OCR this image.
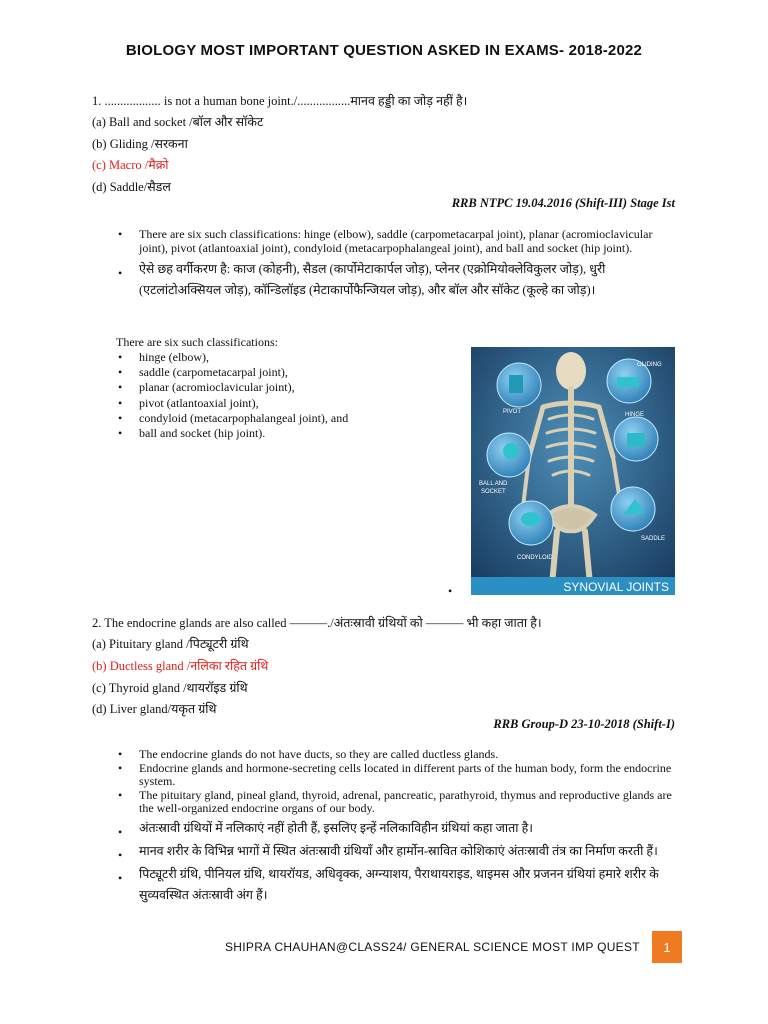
BIOLOGY MOST IMPORTANT QUESTION ASKED IN EXAMS- 2018-2022
1. .................. is not a human bone joint./.................मानव हड्डी का जोड़ नहीं है।
(a) Ball and socket /बॉल और सॉकेट
(b) Gliding /सरकना
(c) Macro /मैक्रो
(d) Saddle/सैडल
RRB NTPC 19.04.2016 (Shift-III) Stage Ist
• There are six such classifications: hinge (elbow), saddle (carpometacarpal joint), planar (acromioclavicular joint), pivot (atlantoaxial joint), condyloid (metacarpophalangeal joint), and ball and socket (hip joint).
• ऐसे छह वर्गीकरण है: काज (कोहनी), सैडल (कार्पोमेटाकार्पल जोड़), प्लेनर (एक्रोमियोक्लेविकुलर जोड़), धुरी (एटलांटोअक्सियल जोड़), कॉन्डिलॉइड (मेटाकार्पोफैन्जियल जोड़), और बॉल और सॉकेट (कूल्हे का जोड़)।
There are six such classifications:
• hinge (elbow),
• saddle (carpometacarpal joint),
• planar (acromioclavicular joint),
• pivot (atlantoaxial joint),
• condyloid (metacarpophalangeal joint), and
• ball and socket (hip joint).
GLIDING
PIVOT	HINGE
BALL AND
SOCKET
SADDLE
CONDYLOID
SYNOVIAL JOINTS
•
2. The endocrine glands are also called ———./अंतःस्रावी ग्रंथियों को ——— भी कहा जाता है।
(a) Pituitary gland /पिट्यूटरी ग्रंथि
(b) Ductless gland /नलिका रहित ग्रंथि
(c) Thyroid gland /थायरॉइड ग्रंथि
(d) Liver gland/यकृत ग्रंथि
RRB Group-D 23-10-2018 (Shift-I)
• The endocrine glands do not have ducts, so they are called ductless glands.
• Endocrine glands and hormone-secreting cells located in different parts of the human body, form the endocrine system.
• The pituitary gland, pineal gland, thyroid, adrenal, pancreatic, parathyroid, thymus and reproductive glands are the well-organized endocrine organs of our body.
• अंतःस्रावी ग्रंथियों में नलिकाएं नहीं होती हैं, इसलिए इन्हें नलिकाविहीन ग्रंथियां कहा जाता है।
• मानव शरीर के विभिन्न भागों में स्थित अंतःस्रावी ग्रंथियाँ और हार्मोन-स्रावित कोशिकाएं अंतःस्रावी तंत्र का निर्माण करती हैं।
• पिट्यूटरी ग्रंथि, पीनियल ग्रंथि, थायरॉयड, अधिवृक्क, अग्न्याशय, पैराथायराइड, थाइमस और प्रजनन ग्रंथियां हमारे शरीर के सुव्यवस्थित अंतःस्रावी अंग हैं।
SHIPRA CHAUHAN@CLASS24/ GENERAL SCIENCE MOST IMP QUEST	1
